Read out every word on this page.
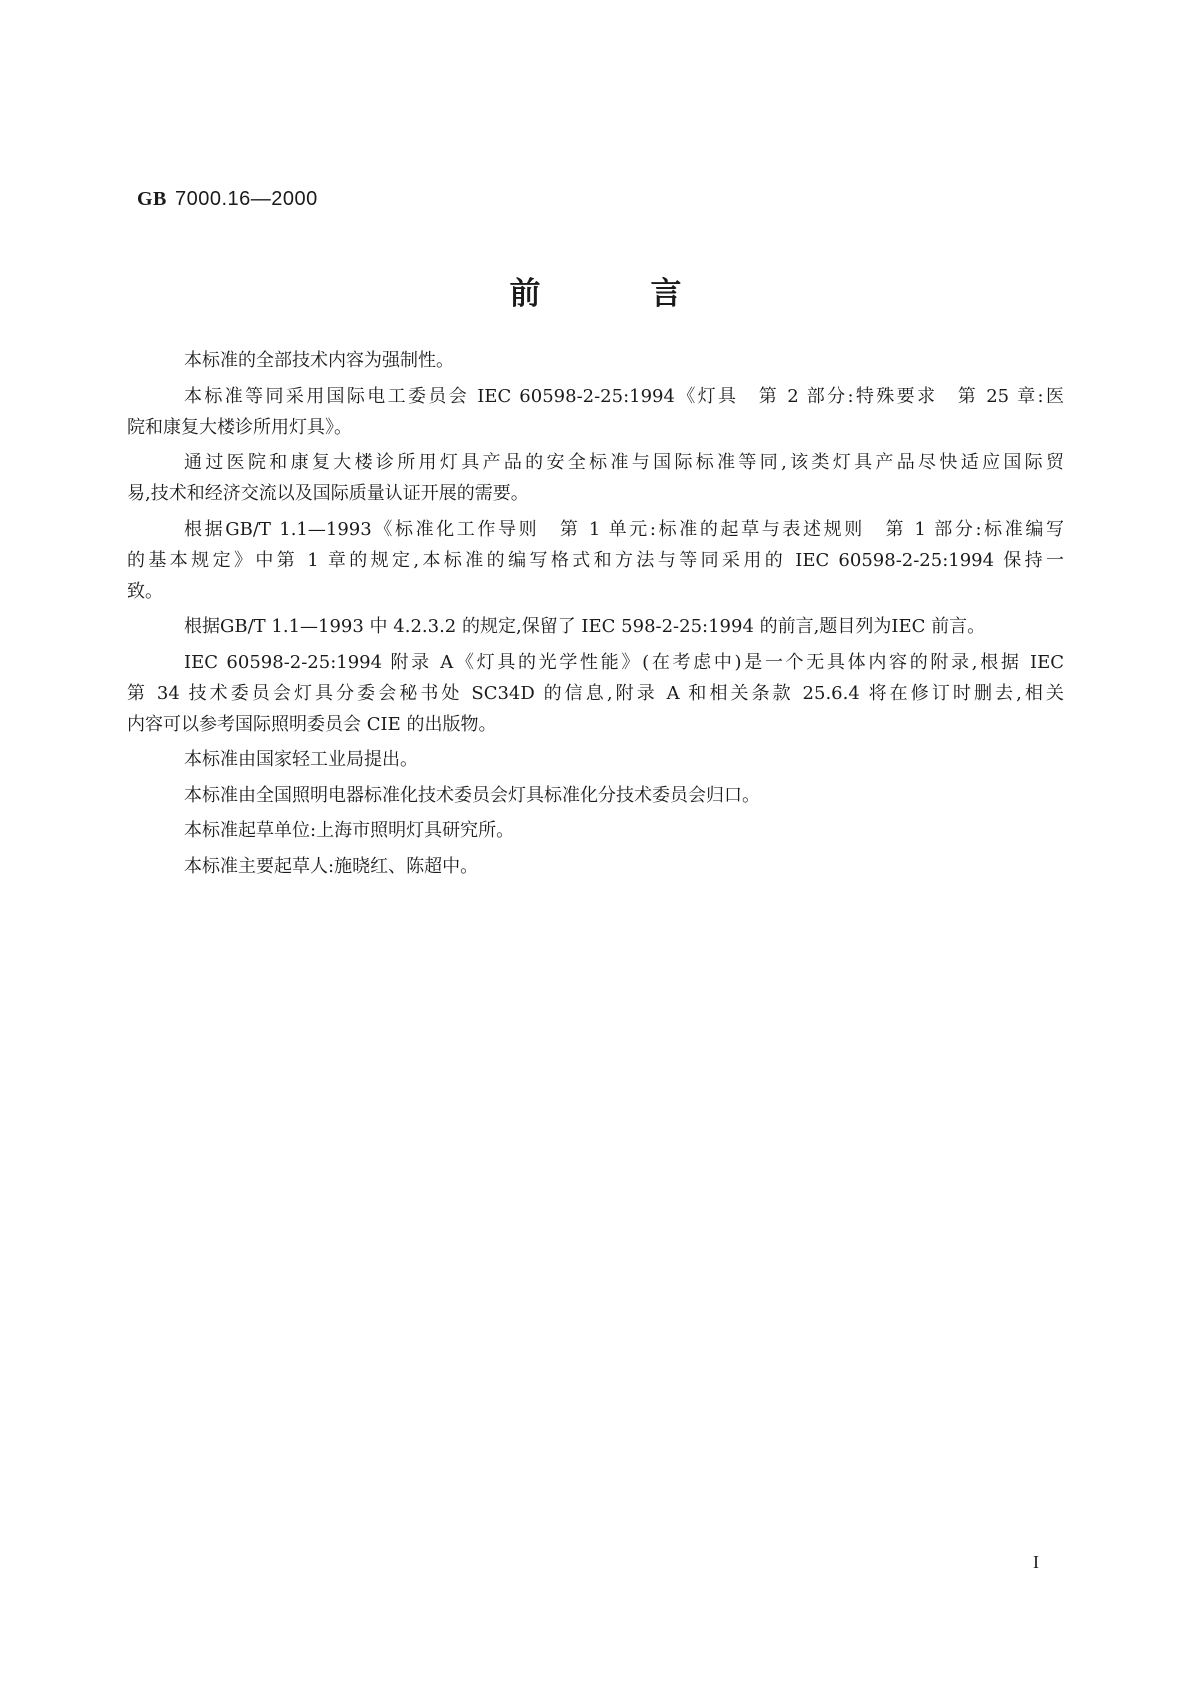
GB 7000.16—2000
前	言
本标准的全部技术内容为强制性。
本标准等同采用国际电工委员会 IEC 60598-2-25:1994《灯具　第 2 部分:特殊要求　第 25 章:医
院和康复大楼诊所用灯具》。
通过医院和康复大楼诊所用灯具产品的安全标准与国际标准等同,该类灯具产品尽快适应国际贸
易,技术和经济交流以及国际质量认证开展的需要。
根据GB/T 1.1—1993《标准化工作导则　第 1 单元:标准的起草与表述规则　第 1 部分:标准编写
的基本规定》中第 1 章的规定,本标准的编写格式和方法与等同采用的 IEC 60598-2-25:1994 保持一
致。
根据GB/T 1.1—1993 中 4.2.3.2 的规定,保留了 IEC 598-2-25:1994 的前言,题目列为IEC 前言。
IEC 60598-2-25:1994 附录 A《灯具的光学性能》(在考虑中)是一个无具体内容的附录,根据 IEC
第 34 技术委员会灯具分委会秘书处 SC34D 的信息,附录 A 和相关条款 25.6.4 将在修订时删去,相关
内容可以参考国际照明委员会 CIE 的出版物。
本标准由国家轻工业局提出。
本标准由全国照明电器标准化技术委员会灯具标准化分技术委员会归口。
本标准起草单位:上海市照明灯具研究所。
本标准主要起草人:施晓红、陈超中。
I
